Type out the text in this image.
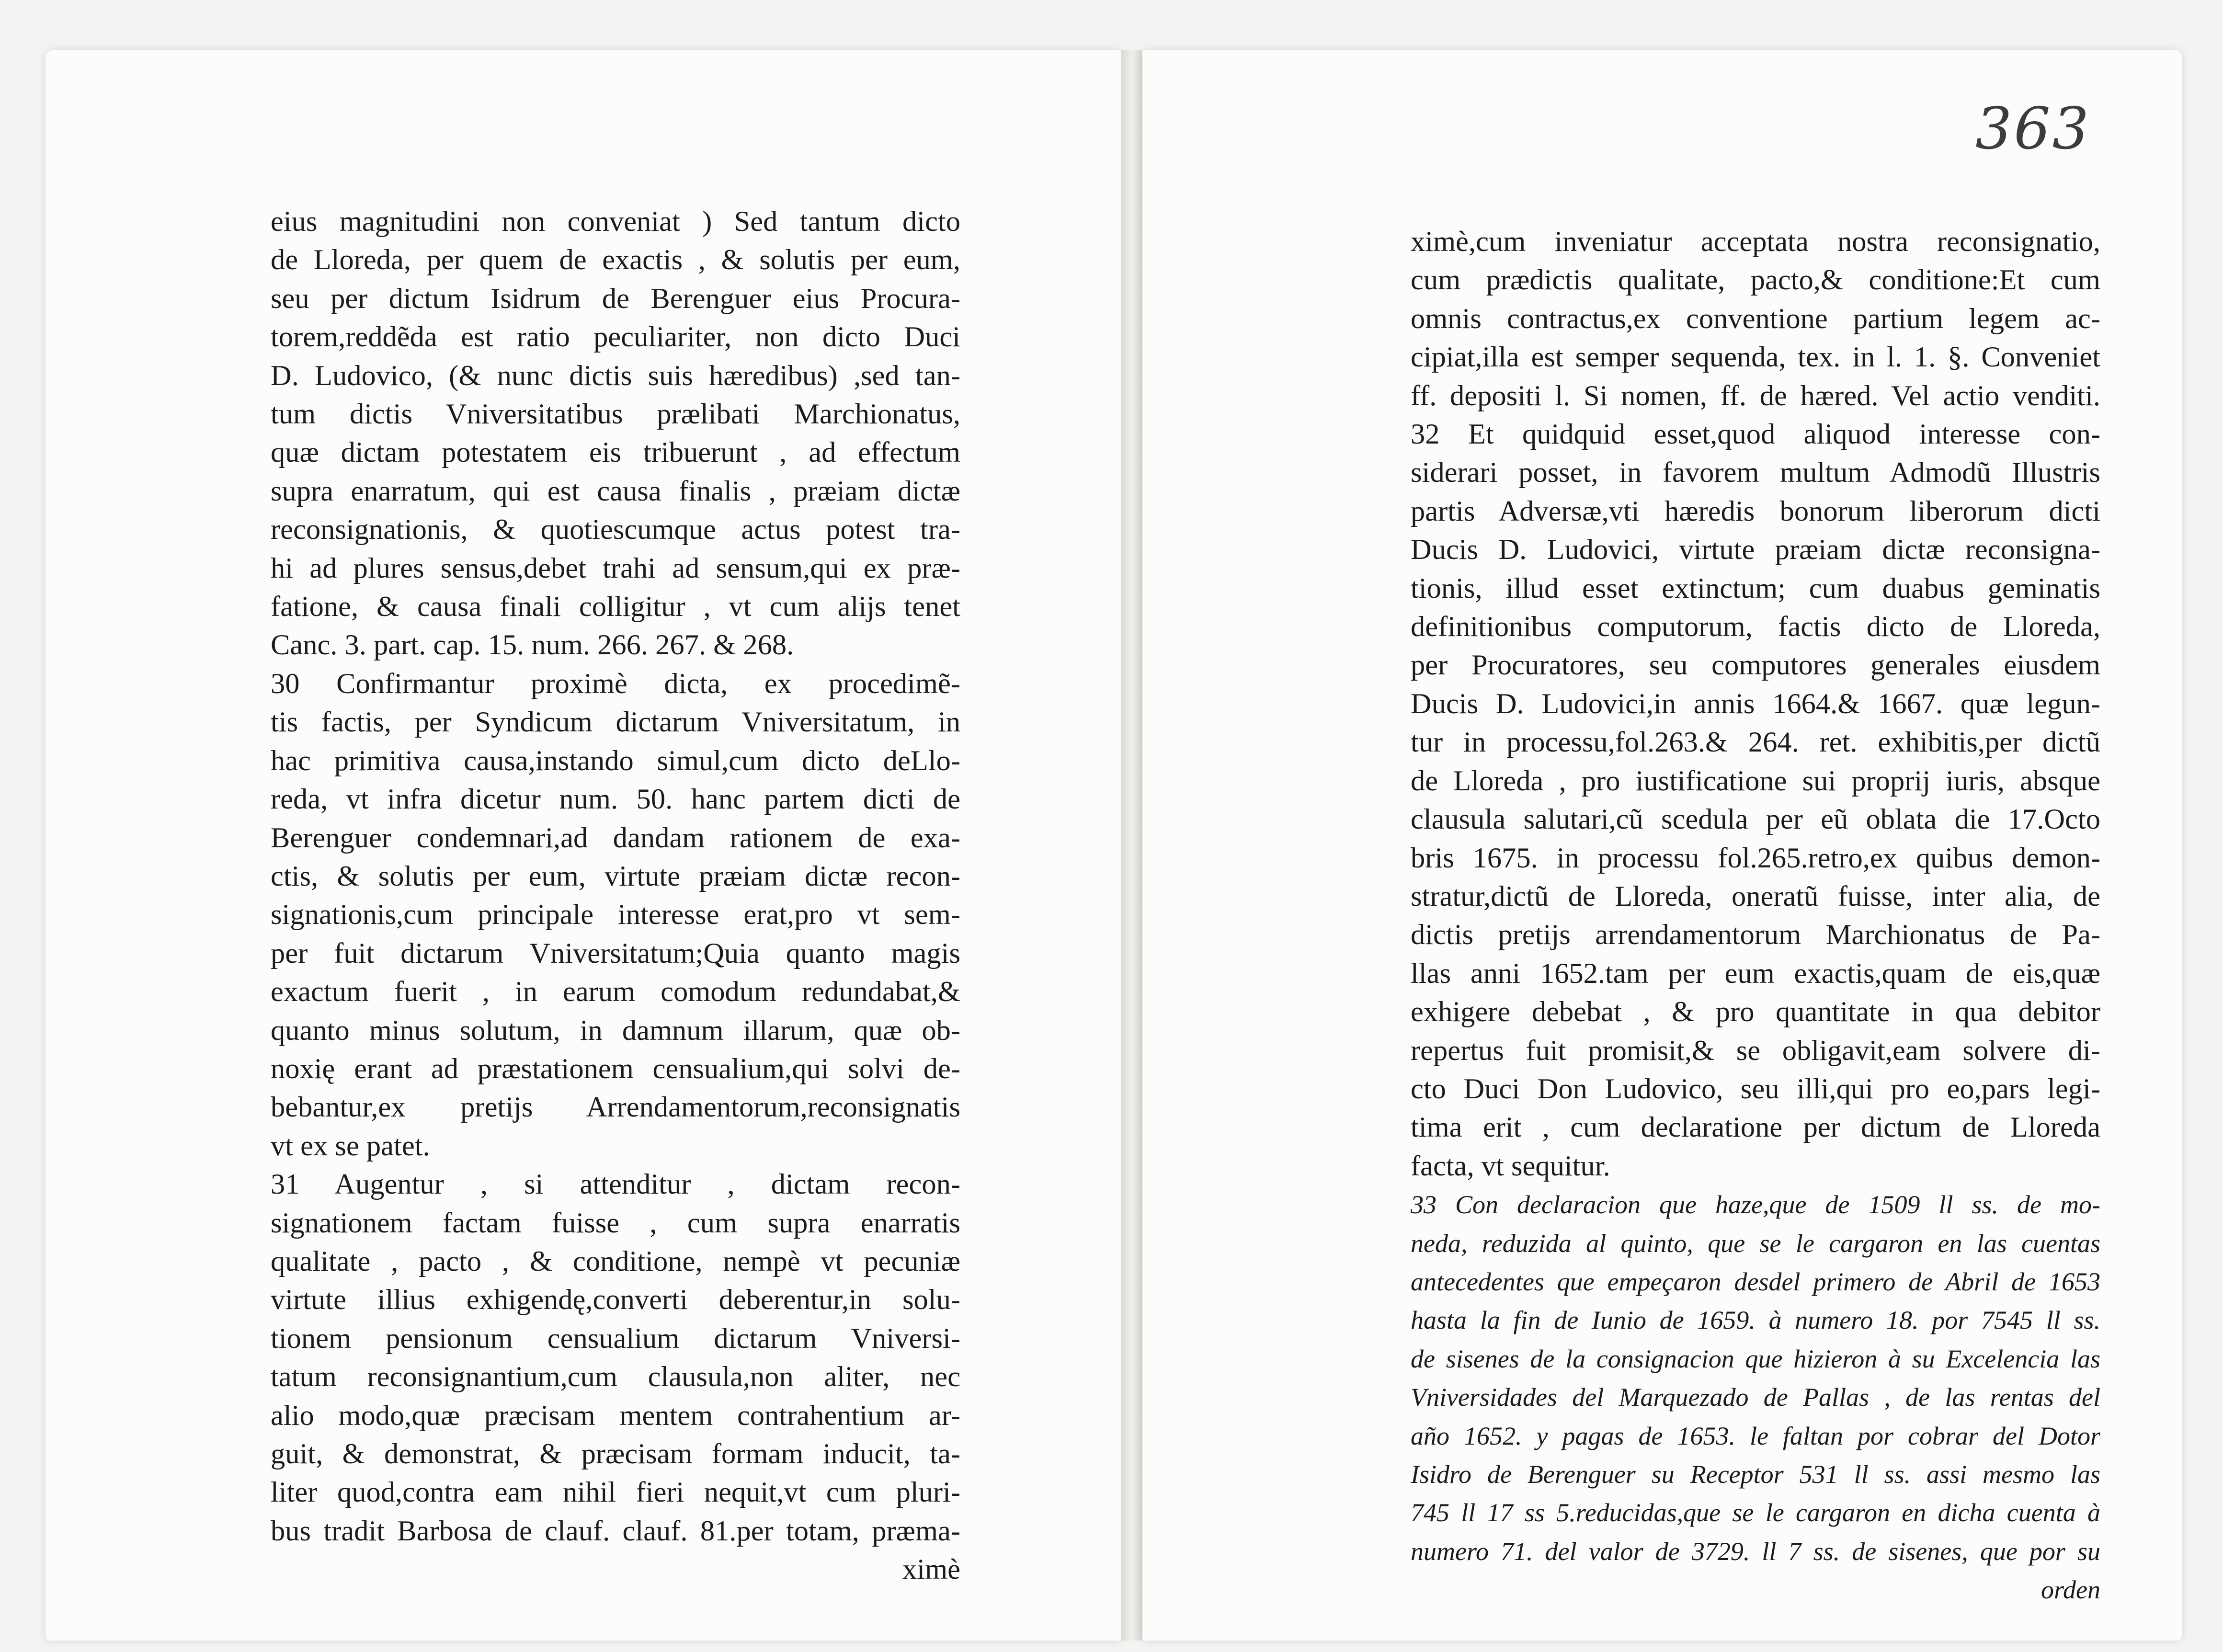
eius magnitudini non conveniat ) Sed tantum dicto
de Lloreda, per quem de exactis , & solutis per eum,
seu per dictum Isidrum de Berenguer eius Procura-
torem,reddẽda est ratio peculiariter, non dicto Duci
D. Ludovico, (& nunc dictis suis hæredibus) ,sed tan-
tum dictis Vniversitatibus prælibati Marchionatus,
quæ dictam potestatem eis tribuerunt , ad effectum
supra enarratum, qui est causa finalis , præiam dictæ
reconsignationis, & quotiescumque actus potest tra-
hi ad plures sensus,debet trahi ad sensum,qui ex præ-
fatione, & causa finali colligitur , vt cum alijs tenet
Canc. 3. part. cap. 15. num. 266. 267. & 268.
30 Confirmantur proximè dicta, ex procedimẽ-
tis factis, per Syndicum dictarum Vniversitatum, in
hac primitiva causa,instando simul,cum dicto deLlo-
reda, vt infra dicetur num. 50. hanc partem dicti de
Berenguer condemnari,ad dandam rationem de exa-
ctis, & solutis per eum, virtute præiam dictæ recon-
signationis,cum principale interesse erat,pro vt sem-
per fuit dictarum Vniversitatum;Quia quanto magis
exactum fuerit , in earum comodum redundabat,&
quanto minus solutum, in damnum illarum, quæ ob-
noxię erant ad præstationem censualium,qui solvi de-
bebantur,ex pretijs Arrendamentorum,reconsignatis
vt ex se patet.
31 Augentur , si attenditur , dictam recon-
signationem factam fuisse , cum supra enarratis
qualitate , pacto , & conditione, nempè vt pecuniæ
virtute illius exhigendę,converti deberentur,in solu-
tionem pensionum censualium dictarum Vniversi-
tatum reconsignantium,cum clausula,non aliter, nec
alio modo,quæ præcisam mentem contrahentium ar-
guit, & demonstrat, & præcisam formam inducit, ta-
liter quod,contra eam nihil fieri nequit,vt cum pluri-
bus tradit Barbosa de clauf. clauf. 81.per totam, præma-
ximè
363
ximè,cum inveniatur acceptata nostra reconsignatio,
cum prædictis qualitate, pacto,& conditione:Et cum
omnis contractus,ex conventione partium legem ac-
cipiat,illa est semper sequenda, tex. in l. 1. §. Conveniet
ff. depositi l. Si nomen, ff. de hæred. Vel actio venditi.
32 Et quidquid esset,quod aliquod interesse con-
siderari posset, in favorem multum Admodũ Illustris
partis Adversæ,vti hæredis bonorum liberorum dicti
Ducis D. Ludovici, virtute præiam dictæ reconsigna-
tionis, illud esset extinctum; cum duabus geminatis
definitionibus computorum, factis dicto de Lloreda,
per Procuratores, seu computores generales eiusdem
Ducis D. Ludovici,in annis 1664.& 1667. quæ legun-
tur in processu,fol.263.& 264. ret. exhibitis,per dictũ
de Lloreda , pro iustificatione sui proprij iuris, absque
clausula salutari,cũ scedula per eũ oblata die 17.Octo
bris 1675. in processu fol.265.retro,ex quibus demon-
stratur,dictũ de Lloreda, oneratũ fuisse, inter alia, de
dictis pretijs arrendamentorum Marchionatus de Pa-
llas anni 1652.tam per eum exactis,quam de eis,quæ
exhigere debebat , & pro quantitate in qua debitor
repertus fuit promisit,& se obligavit,eam solvere di-
cto Duci Don Ludovico, seu illi,qui pro eo,pars legi-
tima erit , cum declaratione per dictum de Lloreda
facta, vt sequitur.
33 Con declaracion que haze,que de 1509 ll ss. de mo-
neda, reduzida al quinto, que se le cargaron en las cuentas
antecedentes que empeçaron desdel primero de Abril de 1653
hasta la fin de Iunio de 1659. à numero 18. por 7545 ll ss.
de sisenes de la consignacion que hizieron à su Excelencia las
Vniversidades del Marquezado de Pallas , de las rentas del
año 1652. y pagas de 1653. le faltan por cobrar del Dotor
Isidro de Berenguer su Receptor 531 ll ss. assi mesmo las
745 ll 17 ss 5.reducidas,que se le cargaron en dicha cuenta à
numero 71. del valor de 3729. ll 7 ss. de sisenes, que por su
orden
